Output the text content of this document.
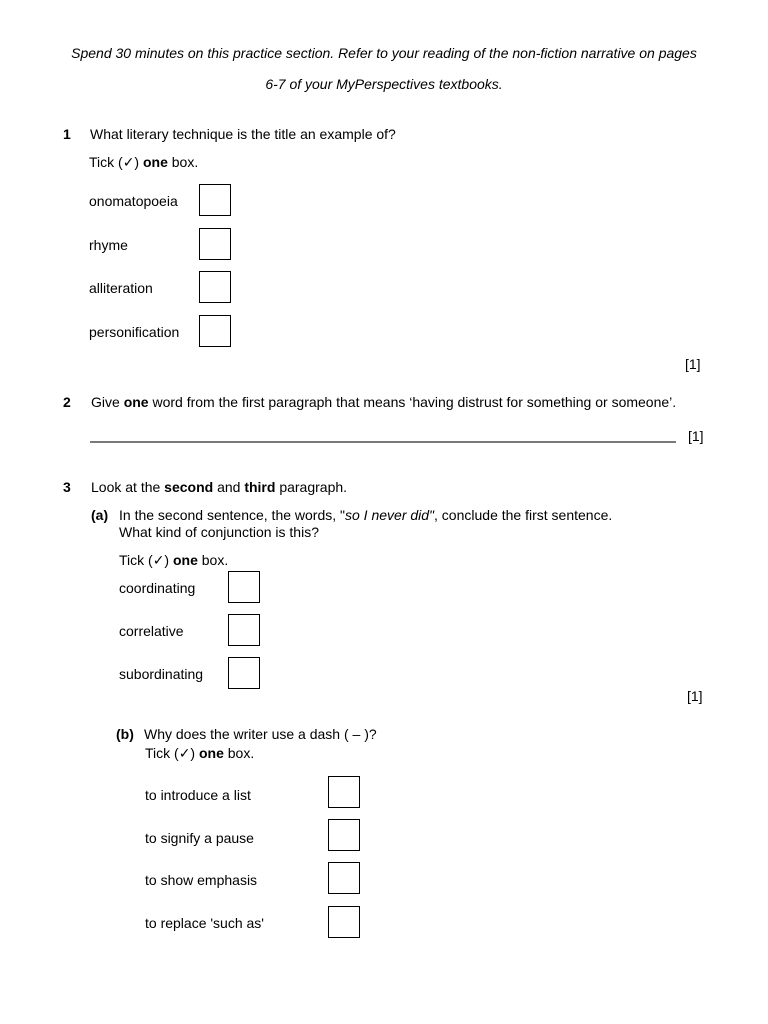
Spend 30 minutes on this practice section. Refer to your reading of the non-fiction narrative on pages
6-7 of your MyPerspectives textbooks.
1 What literary technique is the title an example of?
Tick (✓) one box.
onomatopoeia
rhyme
alliteration
personification
[1]
2 Give one word from the first paragraph that means ‘having distrust for something or someone’.
[1]
3 Look at the second and third paragraph.
(a) In the second sentence, the words, "so I never did", conclude the first sentence.
What kind of conjunction is this?
Tick (✓) one box.
coordinating
correlative
subordinating
[1]
(b) Why does the writer use a dash ( – )?
Tick (✓) one box.
to introduce a list
to signify a pause
to show emphasis
to replace 'such as'
